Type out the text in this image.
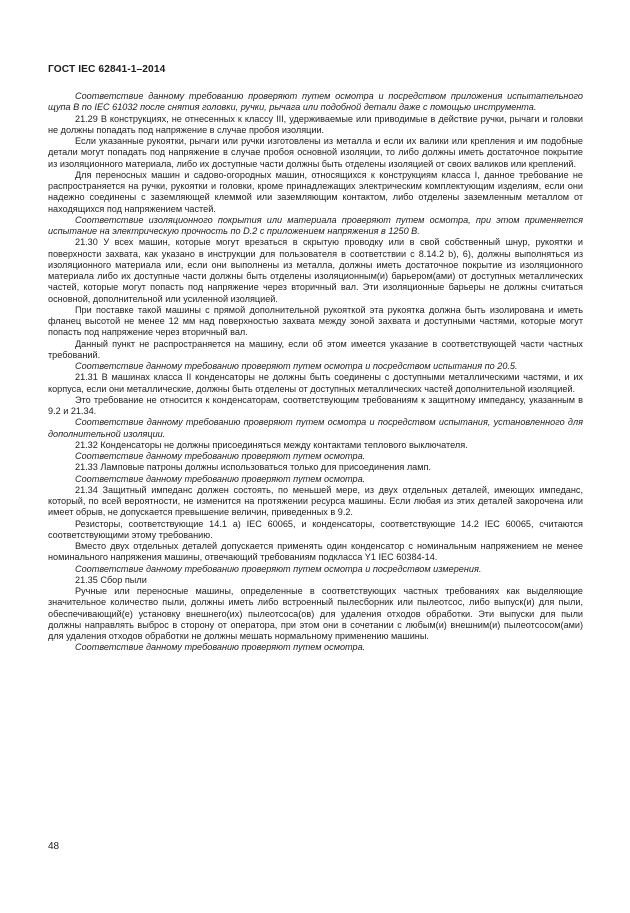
ГОСТ IEC 62841-1–2014

Соответствие данному требованию проверяют путем осмотра и посредством приложения испытательного щупа B по IEC 61032 после снятия головки, ручки, рычага или подобной детали даже с помощью инструмента.

21.29 В конструкциях, не отнесенных к классу III, удерживаемые или приводимые в действие ручки, рычаги и головки не должны попадать под напряжение в случае пробоя изоляции.

Если указанные рукоятки, рычаги или ручки изготовлены из металла и если их валики или крепления и им подобные детали могут попадать под напряжение в случае пробоя основной изоляции, то либо должны иметь достаточное покрытие из изоляционного материала, либо их доступные части должны быть отделены изоляцией от своих валиков или креплений.

Для переносных машин и садово-огородных машин, относящихся к конструкциям класса I, данное требование не распространяется на ручки, рукоятки и головки, кроме принадлежащих электрическим комплектующим изделиям, если они надежно соединены с заземляющей клеммой или заземляющим контактом, либо отделены заземленным металлом от находящихся под напряжением частей.

Соответствие изоляционного покрытия или материала проверяют путем осмотра, при этом применяется испытание на электрическую прочность по D.2 с приложением напряжения в 1250 В.

21.30 У всех машин, которые могут врезаться в скрытую проводку или в свой собственный шнур, рукоятки и поверхности захвата, как указано в инструкции для пользователя в соответствии с 8.14.2 b), 6), должны выполняться из изоляционного материала или, если они выполнены из металла, должны иметь достаточное покрытие из изоляционного материала либо их доступные части должны быть отделены изоляционным(и) барьером(ами) от доступных металлических частей, которые могут попасть под напряжение через вторичный вал. Эти изоляционные барьеры не должны считаться основной, дополнительной или усиленной изоляцией.

При поставке такой машины с прямой дополнительной рукояткой эта рукоятка должна быть изолирована и иметь фланец высотой не менее 12 мм над поверхностью захвата между зоной захвата и доступными частями, которые могут попасть под напряжение через вторичный вал.

Данный пункт не распространяется на машину, если об этом имеется указание в соответствующей части частных требований.

Соответствие данному требованию проверяют путем осмотра и посредством испытания по 20.5.

21.31 В машинах класса II конденсаторы не должны быть соединены с доступными металлическими частями, и их корпуса, если они металлические, должны быть отделены от доступных металлических частей дополнительной изоляцией.

Это требование не относится к конденсаторам, соответствующим требованиям к защитному импедансу, указанным в 9.2 и 21.34.

Соответствие данному требованию проверяют путем осмотра и посредством испытания, установленного для дополнительной изоляции.

21.32 Конденсаторы не должны присоединяться между контактами теплового выключателя.

Соответствие данному требованию проверяют путем осмотра.

21.33 Ламповые патроны должны использоваться только для присоединения ламп.

Соответствие данному требованию проверяют путем осмотра.

21.34 Защитный импеданс должен состоять, по меньшей мере, из двух отдельных деталей, имеющих импеданс, который, по всей вероятности, не изменится на протяжении ресурса машины. Если любая из этих деталей закорочена или имеет обрыв, не допускается превышение величин, приведенных в 9.2.

Резисторы, соответствующие 14.1 a) IEC 60065, и конденсаторы, соответствующие 14.2 IEC 60065, считаются соответствующими этому требованию.

Вместо двух отдельных деталей допускается применять один конденсатор с номинальным напряжением не менее номинального напряжения машины, отвечающий требованиям подкласса Y1 IEC 60384-14.

Соответствие данному требованию проверяют путем осмотра и посредством измерения.

21.35 Сбор пыли

Ручные или переносные машины, определенные в соответствующих частных требованиях как выделяющие значительное количество пыли, должны иметь либо встроенный пылесборник или пылеотсос, либо выпуск(и) для пыли, обеспечивающий(е) установку внешнего(их) пылеотсоса(ов) для удаления отходов обработки. Эти выпуски для пыли должны направлять выброс в сторону от оператора, при этом они в сочетании с любым(и) внешним(и) пылеотсосом(ами) для удаления отходов обработки не должны мешать нормальному применению машины.

Соответствие данному требованию проверяют путем осмотра.

48
